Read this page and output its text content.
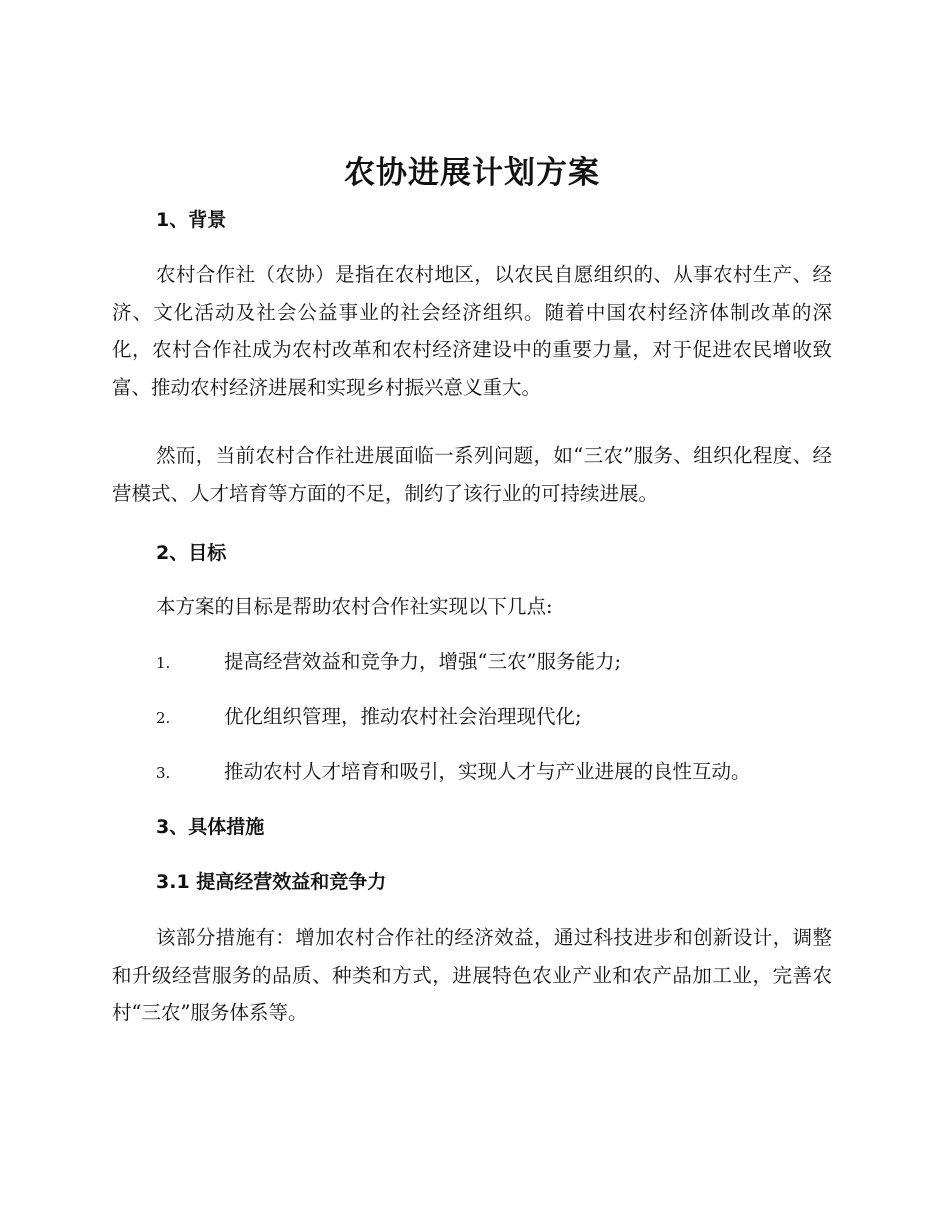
农协进展计划方案
1、背景

农村合作社（农协）是指在农村地区，以农民自愿组织的、从事农村生产、经济、文化活动及社会公益事业的社会经济组织。随着中国农村经济体制改革的深化，农村合作社成为农村改革和农村经济建设中的重要力量，对于促进农民增收致富、推动农村经济进展和实现乡村振兴意义重大。

然而，当前农村合作社进展面临一系列问题，如“三农”服务、组织化程度、经营模式、人才培育等方面的不足，制约了该行业的可持续进展。

2、目标
本方案的目标是帮助农村合作社实现以下几点:
1.	提高经营效益和竞争力，增强“三农”服务能力;
2.	优化组织管理，推动农村社会治理现代化;
3.	推动农村人才培育和吸引，实现人才与产业进展的良性互动。
3、具体措施
3.1 提高经营效益和竞争力

该部分措施有：增加农村合作社的经济效益，通过科技进步和创新设计，调整和升级经营服务的品质、种类和方式，进展特色农业产业和农产品加工业，完善农村“三农”服务体系等。
